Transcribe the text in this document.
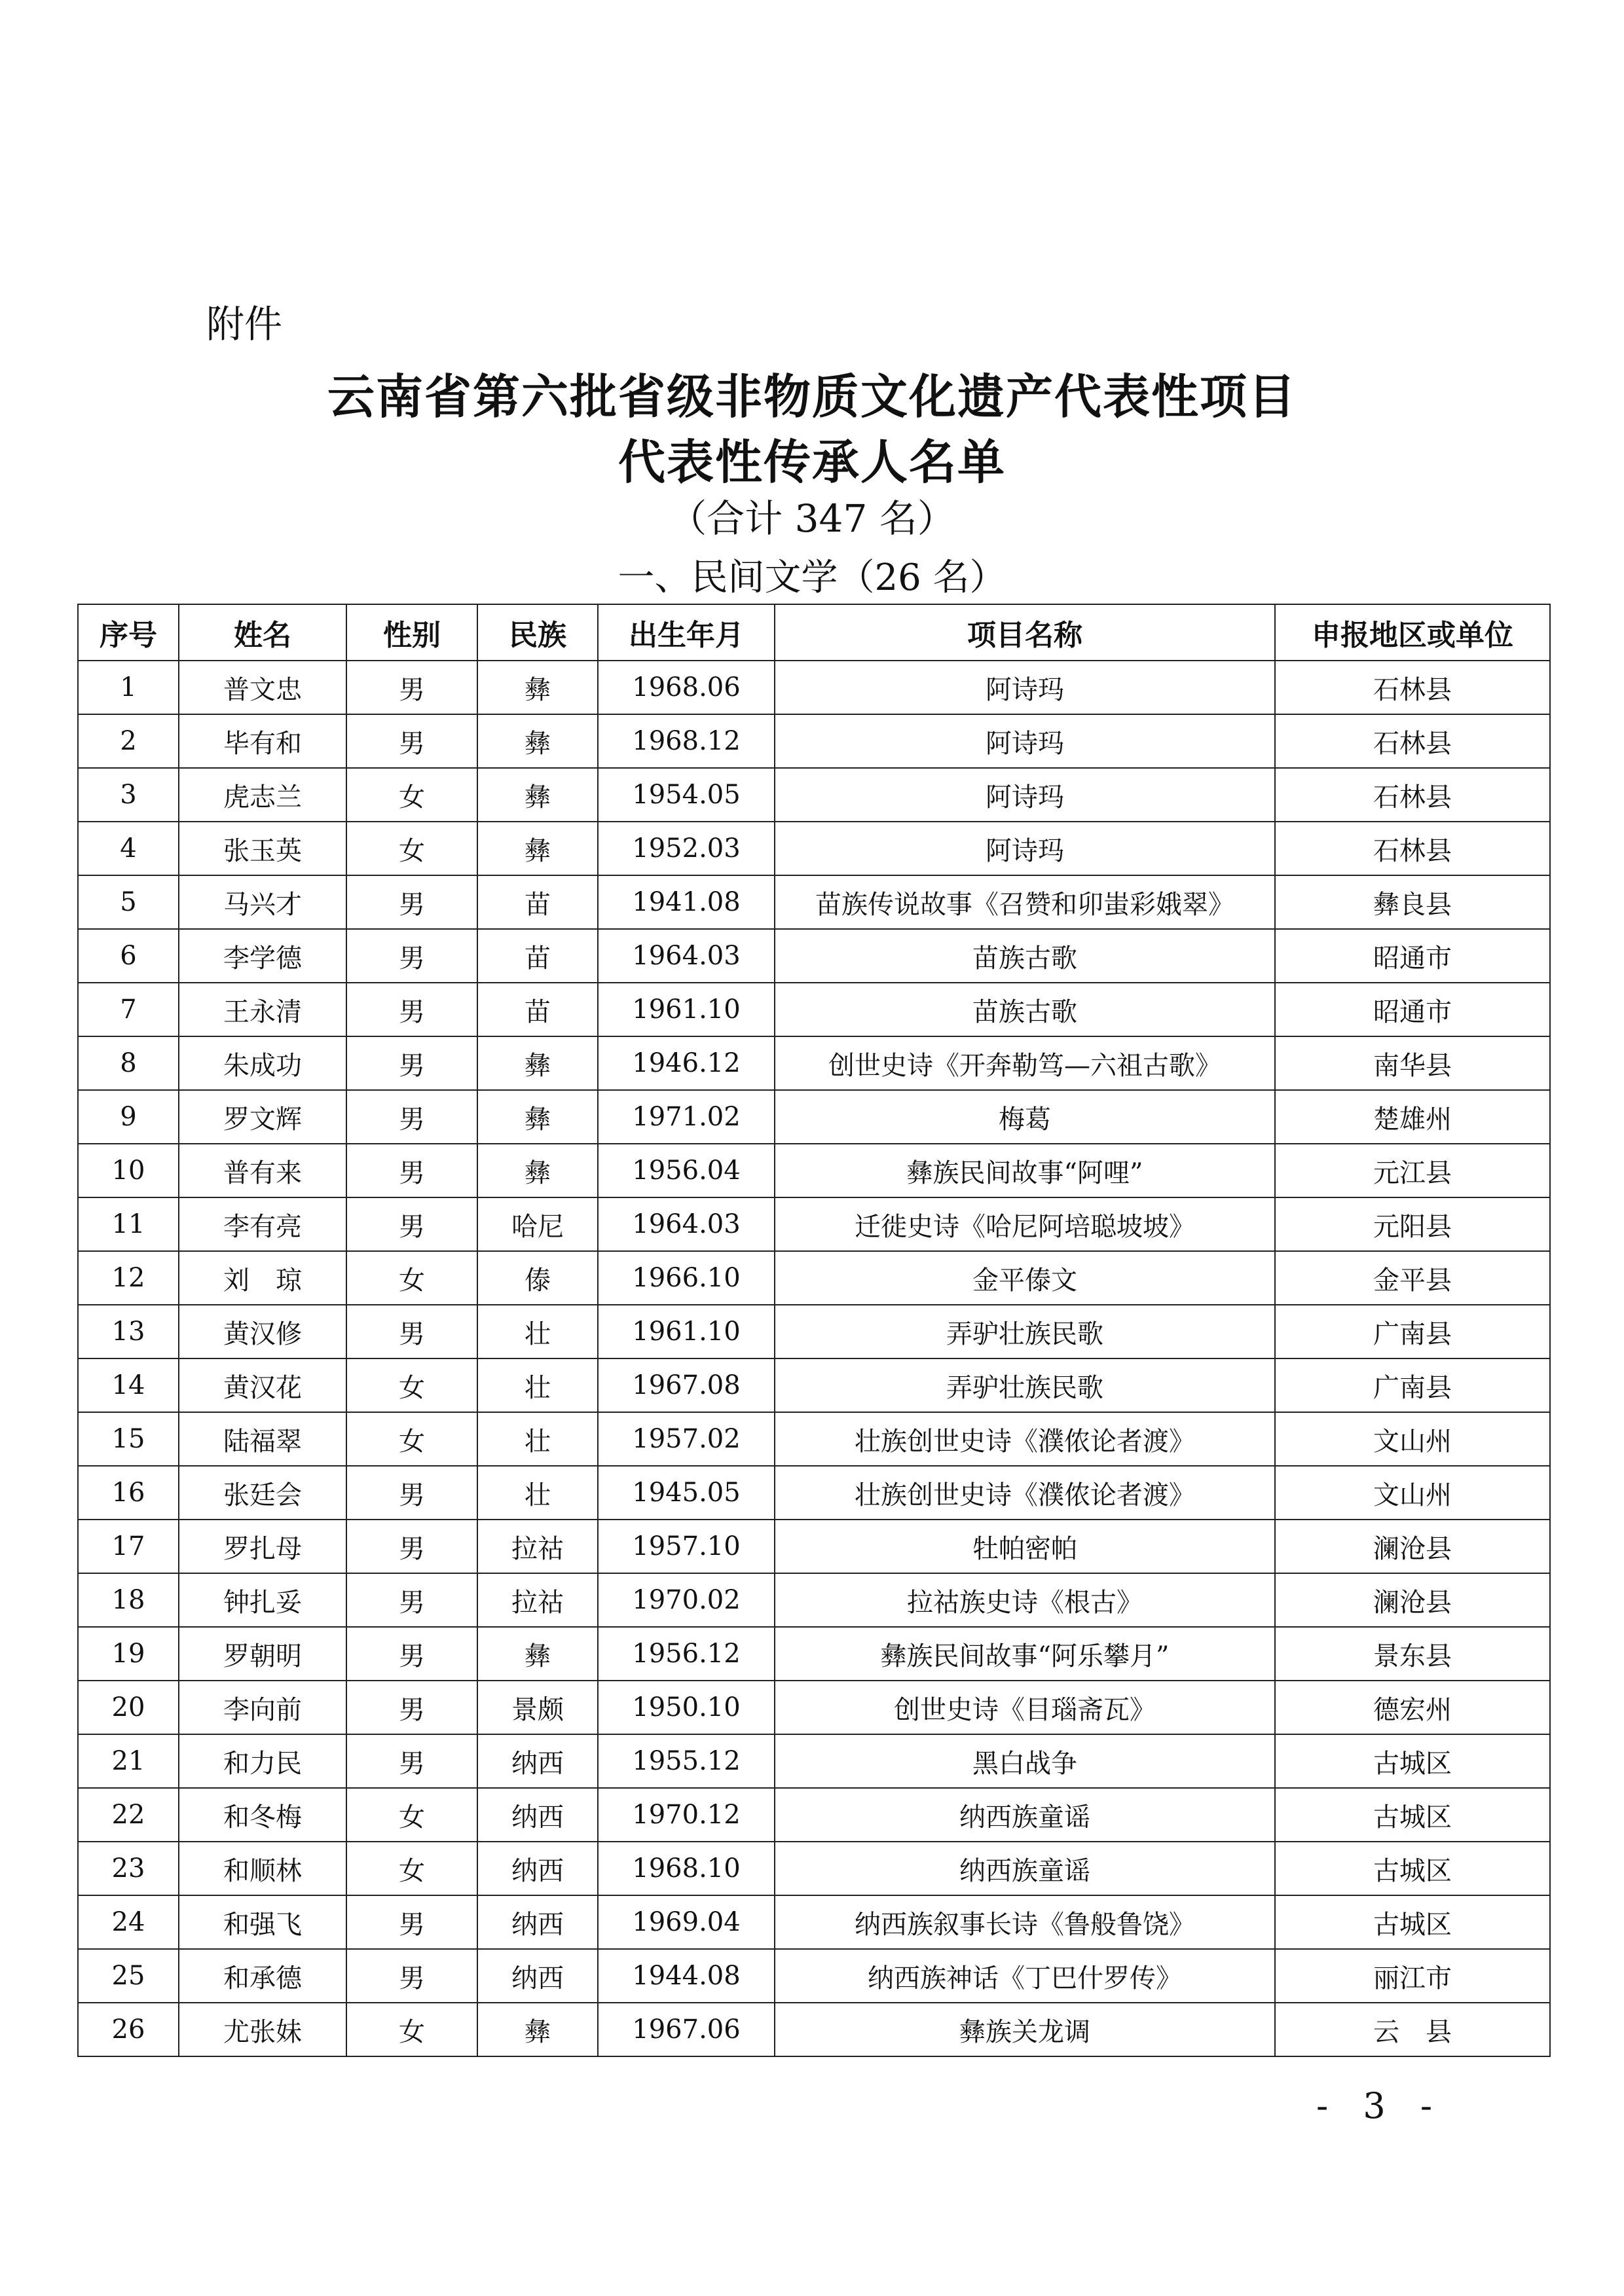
附件
云南省第六批省级非物质文化遗产代表性项目
代表性传承人名单
（合计 347 名）
一、民间文学（26 名）
序号	姓名	性别	民族	出生年月	项目名称	申报地区或单位
1	普文忠	男	彝	1968.06	阿诗玛	石林县
2	毕有和	男	彝	1968.12	阿诗玛	石林县
3	虎志兰	女	彝	1954.05	阿诗玛	石林县
4	张玉英	女	彝	1952.03	阿诗玛	石林县
5	马兴才	男	苗	1941.08	苗族传说故事《召赞和卯蚩彩娥翠》	彝良县
6	李学德	男	苗	1964.03	苗族古歌	昭通市
7	王永清	男	苗	1961.10	苗族古歌	昭通市
8	朱成功	男	彝	1946.12	创世史诗《开奔勒笃—六祖古歌》	南华县
9	罗文辉	男	彝	1971.02	梅葛	楚雄州
10	普有来	男	彝	1956.04	彝族民间故事“阿哩”	元江县
11	李有亮	男	哈尼	1964.03	迁徙史诗《哈尼阿培聪坡坡》	元阳县
12	刘　琼	女	傣	1966.10	金平傣文	金平县
13	黄汉修	男	壮	1961.10	弄驴壮族民歌	广南县
14	黄汉花	女	壮	1967.08	弄驴壮族民歌	广南县
15	陆福翠	女	壮	1957.02	壮族创世史诗《濮侬论者渡》	文山州
16	张廷会	男	壮	1945.05	壮族创世史诗《濮侬论者渡》	文山州
17	罗扎母	男	拉祜	1957.10	牡帕密帕	澜沧县
18	钟扎妥	男	拉祜	1970.02	拉祜族史诗《根古》	澜沧县
19	罗朝明	男	彝	1956.12	彝族民间故事“阿乐攀月”	景东县
20	李向前	男	景颇	1950.10	创世史诗《目瑙斋瓦》	德宏州
21	和力民	男	纳西	1955.12	黑白战争	古城区
22	和冬梅	女	纳西	1970.12	纳西族童谣	古城区
23	和顺林	女	纳西	1968.10	纳西族童谣	古城区
24	和强飞	男	纳西	1969.04	纳西族叙事长诗《鲁般鲁饶》	古城区
25	和承德	男	纳西	1944.08	纳西族神话《丁巴什罗传》	丽江市
26	尤张妹	女	彝	1967.06	彝族关龙调	云　县
- 3 -
